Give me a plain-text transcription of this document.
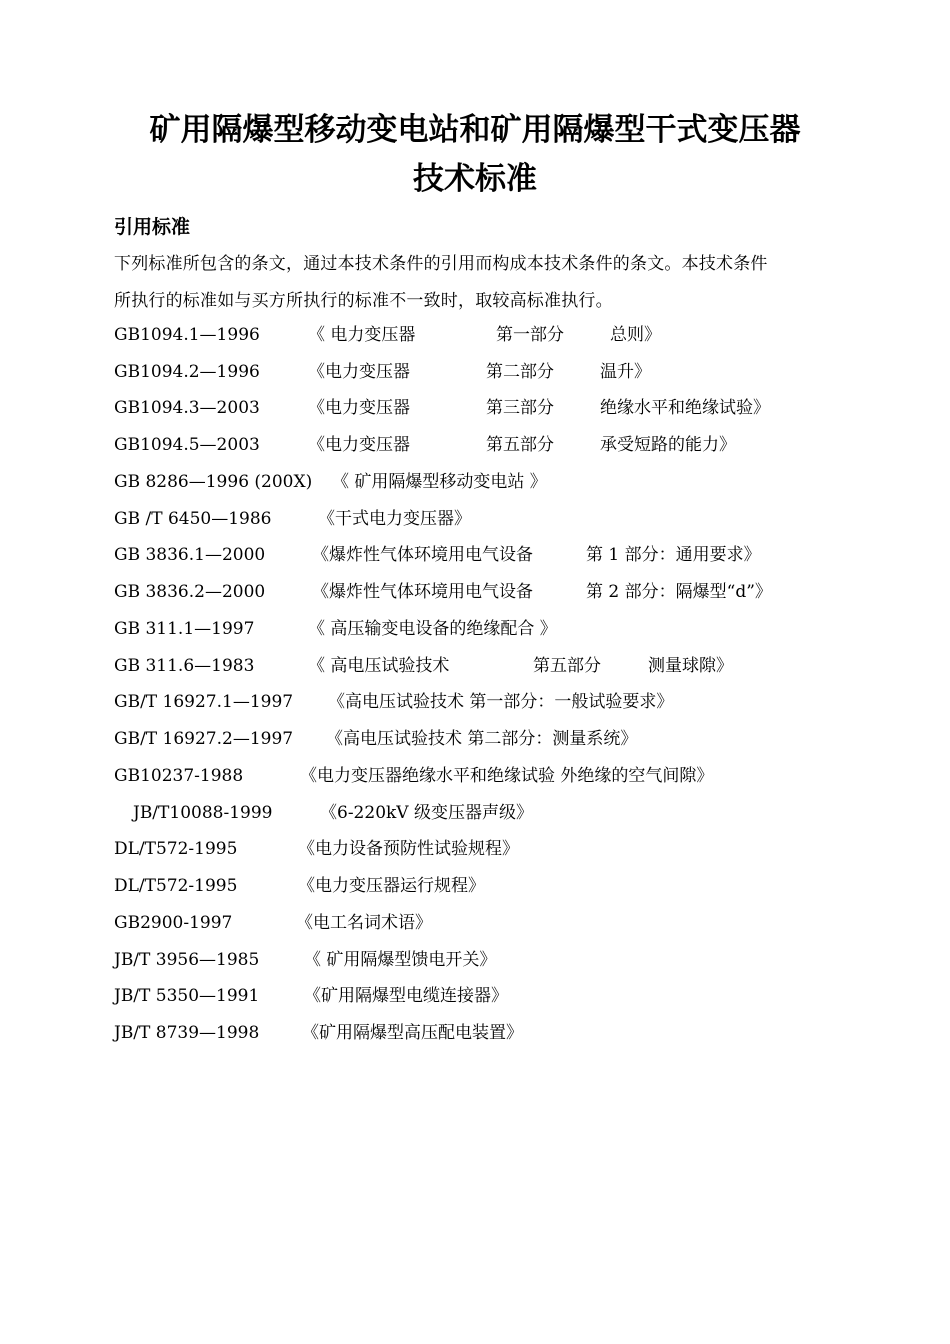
矿用隔爆型移动变电站和矿用隔爆型干式变压器
技术标准
引用标准

下列标准所包含的条文，通过本技术条件的引用而构成本技术条件的条文。本技术条件

所执行的标准如与买方所执行的标准不一致时，取较高标准执行。

GB1094.1—1996	《 电力变压器	第一部分	总则》
GB1094.2—1996	《电力变压器	第二部分	温升》
GB1094.3—2003	《电力变压器	第三部分	绝缘水平和绝缘试验》
GB1094.5—2003	《电力变压器	第五部分	承受短路的能力》
GB 8286—1996 (200X) 《 矿用隔爆型移动变电站 》
GB /T 6450—1986	《干式电力变压器》
GB 3836.1—2000	《爆炸性气体环境用电气设备	第 1 部分：通用要求》
GB 3836.2—2000	《爆炸性气体环境用电气设备	第 2 部分：隔爆型“d”》
GB 311.1—1997	《 高压输变电设备的绝缘配合 》
GB 311.6—1983	《 高电压试验技术	第五部分	测量球隙》
GB/T 16927.1—1997 《高电压试验技术 第一部分：一般试验要求》
GB/T 16927.2—1997 《高电压试验技术 第二部分：测量系统》
GB10237-1988	《电力变压器绝缘水平和绝缘试验 外绝缘的空气间隙》
JB/T10088-1999	《6-220kV 级变压器声级》
DL/T572-1995	《电力设备预防性试验规程》
DL/T572-1995	《电力变压器运行规程》
GB2900-1997	《电工名词术语》
JB/T 3956—1985	《 矿用隔爆型馈电开关》
JB/T 5350—1991	《矿用隔爆型电缆连接器》
JB/T 8739—1998	《矿用隔爆型高压配电装置》
